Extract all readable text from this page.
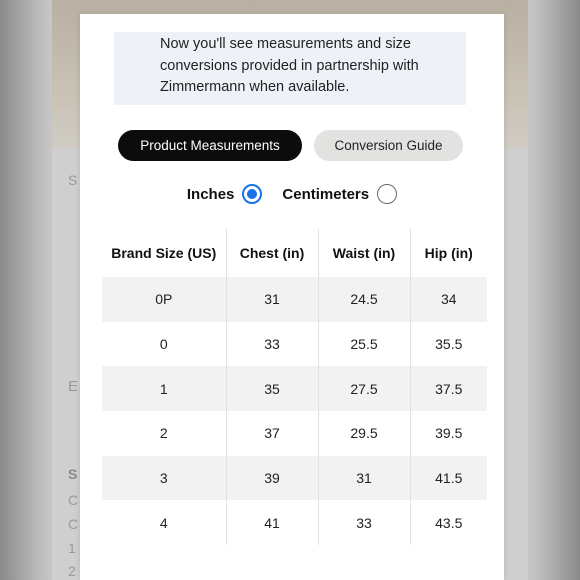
S
E
S
C
C
1
2
Now you'll see measurements and size
conversions provided in partnership with
Zimmermann when available.
Product Measurements	Conversion Guide
Inches	Centimeters
Brand Size (US)	Chest (in)	Waist (in)	Hip (in)
0P	31	24.5	34
0	33	25.5	35.5
1	35	27.5	37.5
2	37	29.5	39.5
3	39	31	41.5
4	41	33	43.5
